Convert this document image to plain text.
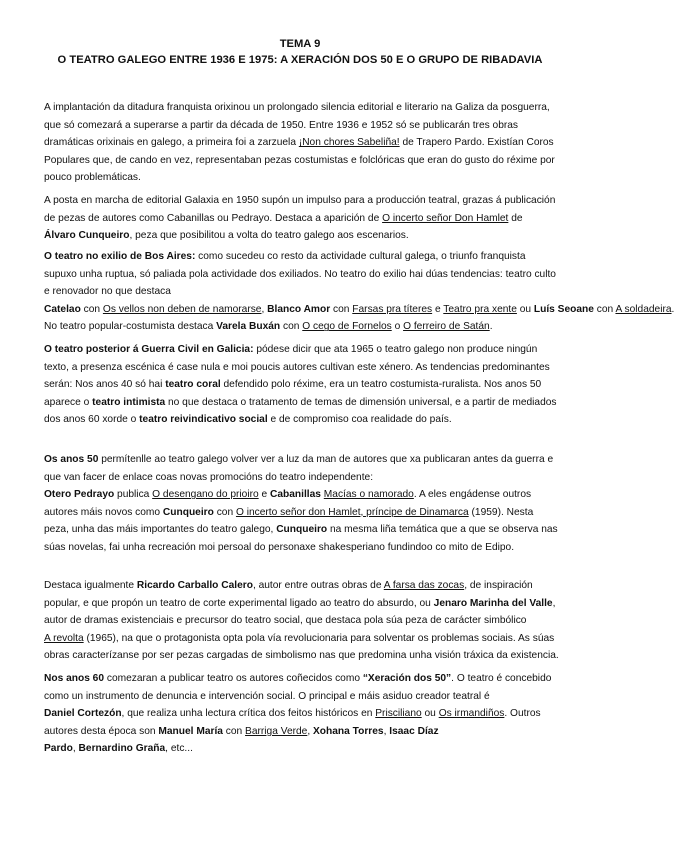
TEMA 9
O TEATRO GALEGO ENTRE 1936 E 1975: A XERACIÓN DOS 50 E O GRUPO DE RIBADAVIA

A implantación da ditadura franquista orixinou un prolongado silencia editorial e literario na Galiza da posguerra, que só comezará a superarse a partir da década de 1950. Entre 1936 e 1952 só se publicarán tres obras dramáticas orixinais en galego, a primeira foi a zarzuela ¡Non chores Sabeliña! de Trapero Pardo. Existían Coros Populares que, de cando en vez, representaban pezas costumistas e folclóricas que eran do gusto do réxime por pouco problemáticas.

A posta en marcha de editorial Galaxia en 1950 supón un impulso para a producción teatral, grazas á publicación de pezas de autores como Cabanillas ou Pedrayo. Destaca a aparición de O incerto señor Don Hamlet de Álvaro Cunqueiro, peza que posibilitou a volta do teatro galego aos escenarios.

O teatro no exilio de Bos Aires: como sucedeu co resto da actividade cultural galega, o triunfo franquista supuxo unha ruptua, só paliada pola actividade dos exiliados. No teatro do exilio hai dúas tendencias: teatro culto e renovador no que destaca Catelao con Os vellos non deben de namorarse, Blanco Amor con Farsas pra títeres e Teatro pra xente ou Luís Seoane con A soldadeira No teatro popular-costumista destaca Varela Buxán con O cego de Fornelos o O ferreiro de Satán.

O teatro posterior á Guerra Civil en Galicia: pódese dicir que ata 1965 o teatro galego non produce ningún texto, a presenza escénica é case nula e moi poucis autores cultivan este xénero. As tendencias predominantes serán: Nos anos 40 só hai teatro coral defendido polo réxime, era un teatro costumista-ruralista. Nos anos 50 aparece o teatro intimista no que destaca o tratamento de temas de dimensión universal, e a partir de mediados dos anos 60 xorde o teatro reivindicativo social e de compromiso coa realidade do país.

Os anos 50 permítenlle ao teatro galego volver ver a luz da man de autores que xa publicaran antes da guerra e que van facer de enlace coas novas promocións do teatro independente: Otero Pedrayo publica O desengano do prioiro e Cabanillas Macías o namorado. A eles engádense outros autores máis novos como Cunqueiro con O incerto señor don Hamlet, príncipe de Dinamarca (1959). Nesta peza, unha das máis importantes do teatro galego, Cunqueiro na mesma liña temática que a que se observa nas súas novelas, fai unha recreación moi persoal do personaxe shakesperiano fundindoo co mito de Edipo.

Destaca igualmente Ricardo Carballo Calero, autor entre outras obras de A farsa das zocas, de inspiración popular, e que propón un teatro de corte experimental ligado ao teatro do absurdo, ou Jenaro Marinha del Valle, autor de dramas existenciais e precursor do teatro social, que destaca pola súa peza de carácter simbólico A revolta (1965), na que o protagonista opta pola vía revolucionaria para solventar os problemas sociais. As súas obras caracterízanse por ser pezas cargadas de simbolismo nas que predomina unha visión tráxica da existencia.

Nos anos 60 comezaran a publicar teatro os autores coñecidos como “Xeración dos 50”. O teatro é concebido como un instrumento de denuncia e intervención social. O principal e máis asiduo creador teatral é Daniel Cortezón, que realiza unha lectura crítica dos feitos históricos en Prisciliano ou Os irmandiños. Outros autores desta época son Manuel María con Barriga Verde, Xohana Torres, Isaac Díaz Pardo, Bernardino Graña, etc...
